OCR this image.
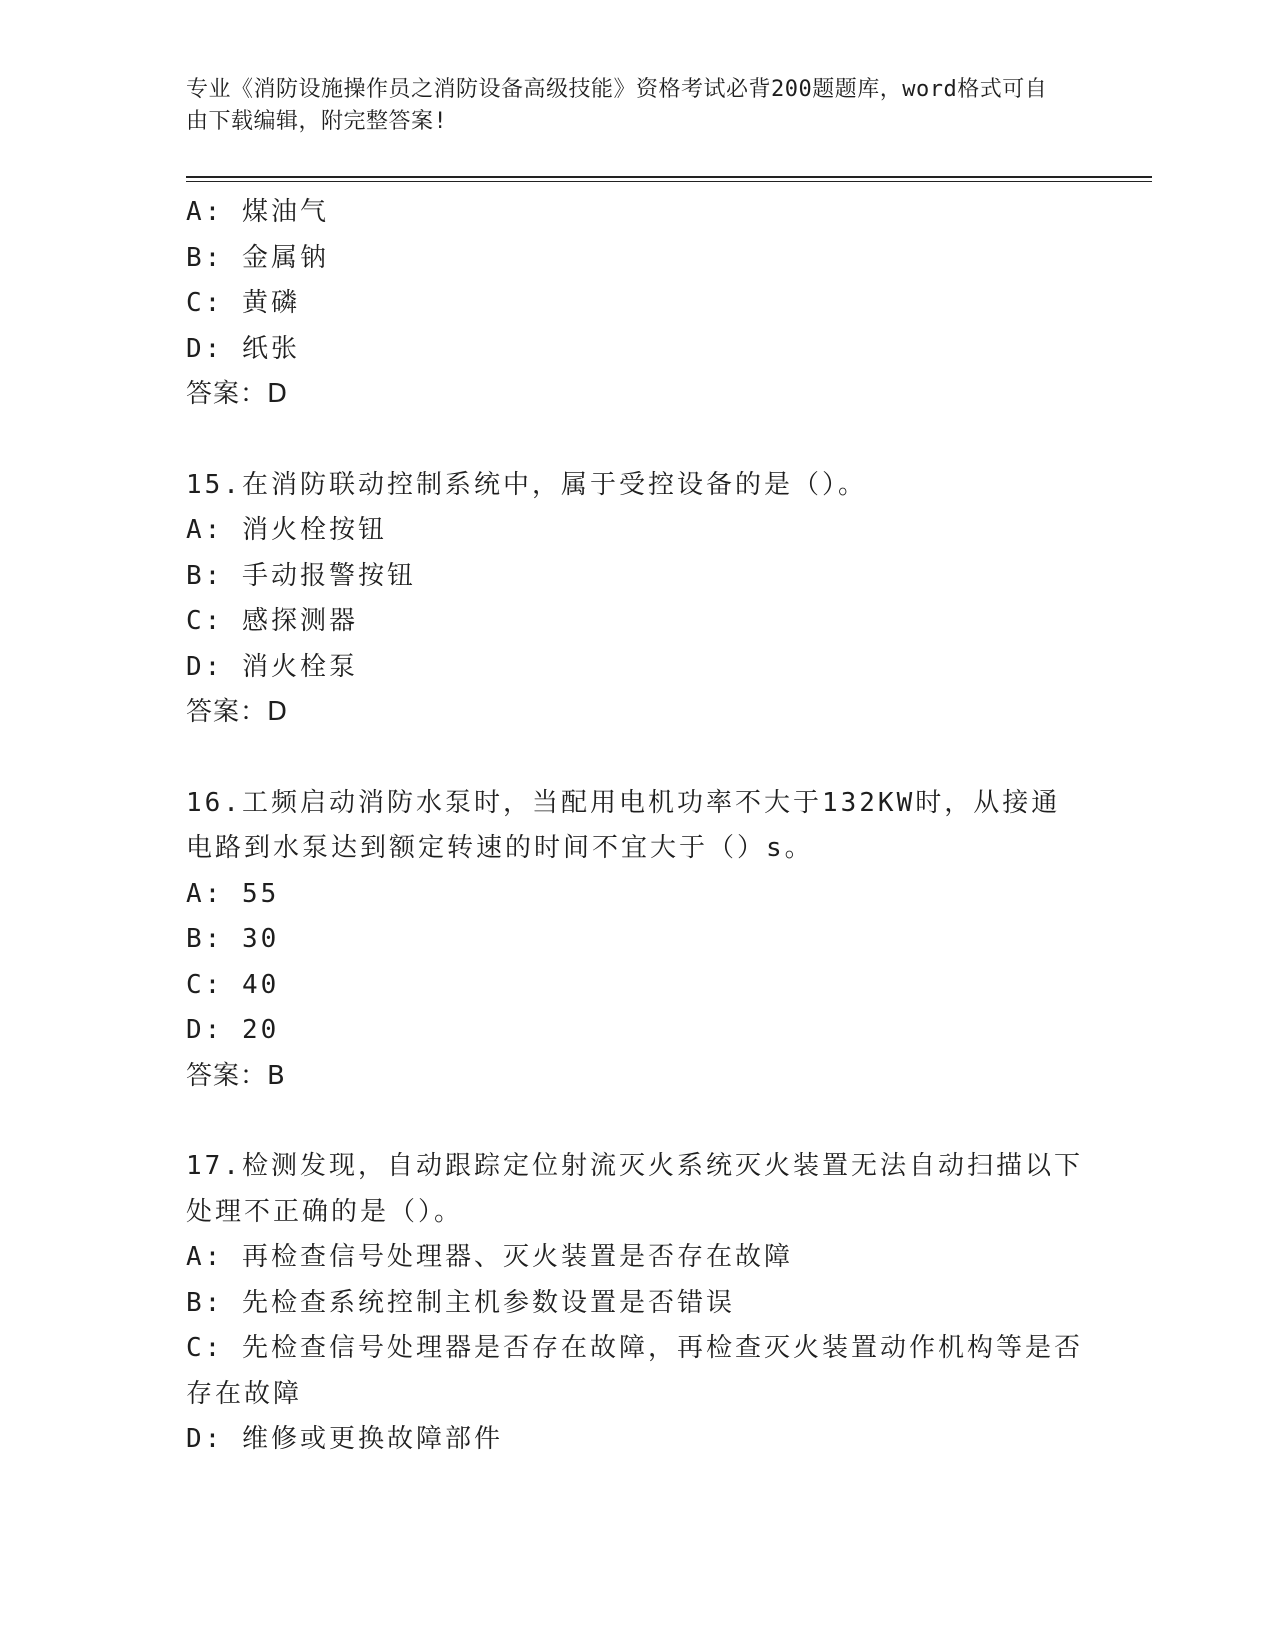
专业《消防设施操作员之消防设备高级技能》资格考试必背200题题库，word格式可自由下载编辑，附完整答案!
A: 煤油气
B: 金属钠
C: 黄磷
D: 纸张
答案：D
15.在消防联动控制系统中，属于受控设备的是（）。
A: 消火栓按钮
B: 手动报警按钮
C: 感探测器
D: 消火栓泵
答案：D
16.工频启动消防水泵时，当配用电机功率不大于132KW时，从接通电路到水泵达到额定转速的时间不宜大于（）s。
A: 55
B: 30
C: 40
D: 20
答案：B
17.检测发现，自动跟踪定位射流灭火系统灭火装置无法自动扫描以下处理不正确的是（）。
A: 再检查信号处理器、灭火装置是否存在故障
B: 先检查系统控制主机参数设置是否错误
C: 先检查信号处理器是否存在故障，再检查灭火装置动作机构等是否存在故障
D: 维修或更换故障部件
